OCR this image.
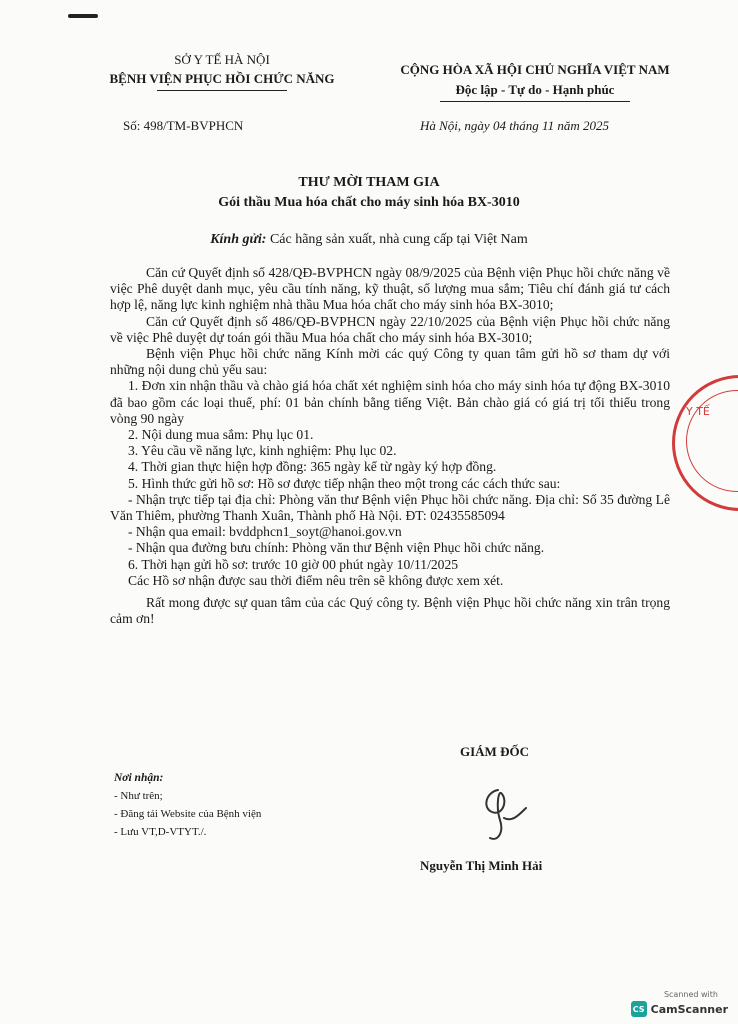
SỞ Y TẾ HÀ NỘI
BỆNH VIỆN PHỤC HỒI CHỨC NĂNG
CỘNG HÒA XÃ HỘI CHỦ NGHĨA VIỆT NAM
Độc lập - Tự do - Hạnh phúc
Số: 498/TM-BVPHCN	Hà Nội, ngày 04 tháng 11 năm 2025
THƯ MỜI THAM GIA
Gói thầu Mua hóa chất cho máy sinh hóa BX-3010
Kính gửi: Các hãng sản xuất, nhà cung cấp tại Việt Nam

Căn cứ Quyết định số 428/QĐ-BVPHCN ngày 08/9/2025 của Bệnh viện Phục hồi chức năng về việc Phê duyệt danh mục, yêu cầu tính năng, kỹ thuật, số lượng mua sắm; Tiêu chí đánh giá tư cách hợp lệ, năng lực kinh nghiệm nhà thầu Mua hóa chất cho máy sinh hóa BX-3010;

Căn cứ Quyết định số 486/QĐ-BVPHCN ngày 22/10/2025 của Bệnh viện Phục hồi chức năng về việc Phê duyệt dự toán gói thầu Mua hóa chất cho máy sinh hóa BX-3010;

Bệnh viện Phục hồi chức năng Kính mời các quý Công ty quan tâm gửi hồ sơ tham dự với những nội dung chủ yếu sau:

1. Đơn xin nhận thầu và chào giá hóa chất xét nghiệm sinh hóa cho máy sinh hóa tự động BX-3010 đã bao gồm các loại thuế, phí: 01 bản chính bằng tiếng Việt. Bản chào giá có giá trị tối thiểu trong vòng 90 ngày

2. Nội dung mua sắm: Phụ lục 01.

3. Yêu cầu về năng lực, kinh nghiệm: Phụ lục 02.

4. Thời gian thực hiện hợp đồng: 365 ngày kể từ ngày ký hợp đồng.

5. Hình thức gửi hồ sơ: Hồ sơ được tiếp nhận theo một trong các cách thức sau:

- Nhận trực tiếp tại địa chỉ: Phòng văn thư Bệnh viện Phục hồi chức năng. Địa chỉ: Số 35 đường Lê Văn Thiêm, phường Thanh Xuân, Thành phố Hà Nội. ĐT: 02435585094

- Nhận qua email: bvddphcn1_soyt@hanoi.gov.vn

- Nhận qua đường bưu chính: Phòng văn thư Bệnh viện Phục hồi chức năng.

6. Thời hạn gửi hồ sơ: trước 10 giờ 00 phút ngày 10/11/2025

Các Hồ sơ nhận được sau thời điểm nêu trên sẽ không được xem xét.

Rất mong được sự quan tâm của các Quý công ty. Bệnh viện Phục hồi chức năng xin trân trọng cảm ơn!

GIÁM ĐỐC
Nguyễn Thị Minh Hải
Nơi nhận:
- Như trên;
- Đăng tải Website của Bệnh viện
- Lưu VT,D-VTYT./.
Y TẾ
Scanned with
CS CamScanner
